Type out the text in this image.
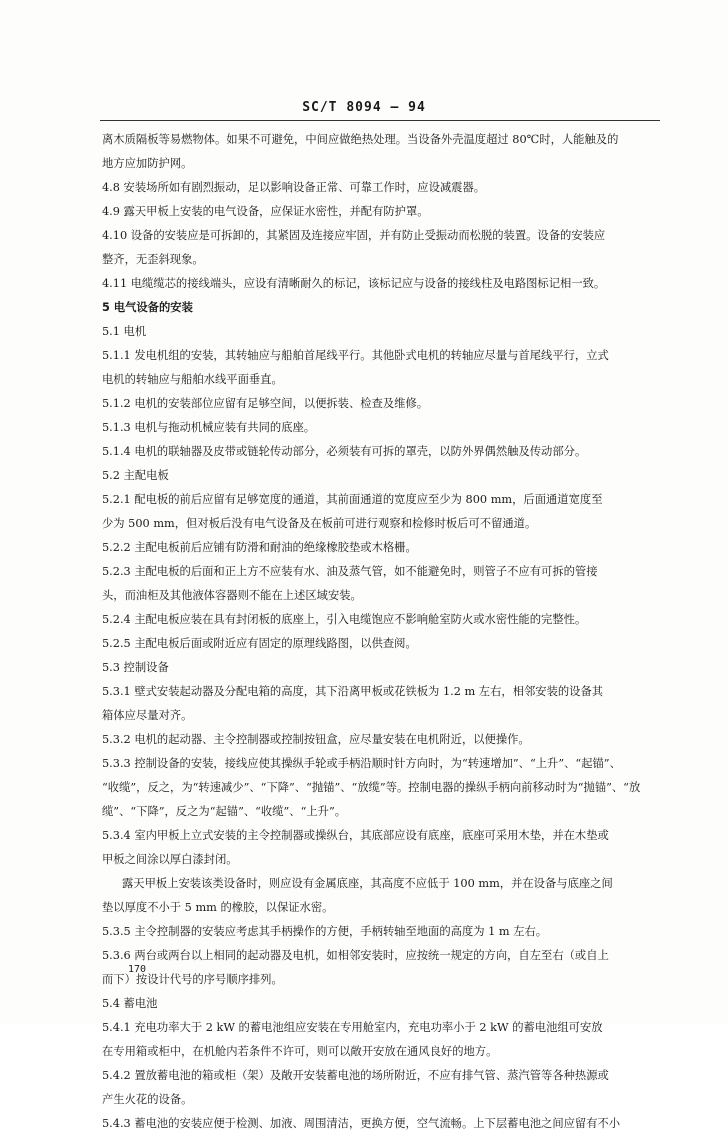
SC/T 8094 — 94
离木质隔板等易燃物体。如果不可避免，中间应做绝热处理。当设备外壳温度超过 80℃时，人能触及的
地方应加防护网。
4.8 安装场所如有剧烈振动，足以影响设备正常、可靠工作时，应设减震器。
4.9 露天甲板上安装的电气设备，应保证水密性，并配有防护罩。
4.10 设备的安装应是可拆卸的，其紧固及连接应牢固，并有防止受振动而松脱的装置。设备的安装应
整齐，无歪斜现象。
4.11 电缆缆芯的接线端头，应设有清晰耐久的标记，该标记应与设备的接线柱及电路图标记相一致。
5 电气设备的安装
5.1 电机
5.1.1 发电机组的安装，其转轴应与船舶首尾线平行。其他卧式电机的转轴应尽量与首尾线平行，立式
电机的转轴应与船舶水线平面垂直。
5.1.2 电机的安装部位应留有足够空间，以便拆装、检查及维修。
5.1.3 电机与拖动机械应装有共同的底座。
5.1.4 电机的联轴器及皮带或链轮传动部分，必须装有可拆的罩壳，以防外界偶然触及传动部分。
5.2 主配电板
5.2.1 配电板的前后应留有足够宽度的通道，其前面通道的宽度应至少为 800 mm，后面通道宽度至
少为 500 mm，但对板后没有电气设备及在板前可进行观察和检修时板后可不留通道。
5.2.2 主配电板前后应铺有防滑和耐油的绝缘橡胶垫或木格栅。
5.2.3 主配电板的后面和正上方不应装有水、油及蒸气管，如不能避免时，则管子不应有可拆的管接
头，而油柜及其他液体容器则不能在上述区域安装。
5.2.4 主配电板应装在具有封闭板的底座上，引入电缆饱应不影响舱室防火或水密性能的完整性。
5.2.5 主配电板后面或附近应有固定的原理线路图，以供查阅。
5.3 控制设备
5.3.1 壁式安装起动器及分配电箱的高度，其下沿离甲板或花铁板为 1.2 m 左右，相邻安装的设备其
箱体应尽量对齐。
5.3.2 电机的起动器、主令控制器或控制按钮盒，应尽量安装在电机附近，以便操作。
5.3.3 控制设备的安装，接线应使其操纵手轮或手柄沿顺时针方向时，为“转速增加”、“上升”、“起锚”、
“收缆”，反之，为“转速减少”、“下降”、“抛锚”、“放缆”等。控制电器的操纵手柄向前移动时为“抛锚”、“放
缆”、“下降”，反之为“起锚”、“收缆”、“上升”。
5.3.4 室内甲板上立式安装的主令控制器或操纵台，其底部应设有底座，底座可采用木垫，并在木垫或
甲板之间涂以厚白漆封闭。
露天甲板上安装该类设备时，则应设有金属底座，其高度不应低于 100 mm，并在设备与底座之间
垫以厚度不小于 5 mm 的橡胶，以保证水密。
5.3.5 主令控制器的安装应考虑其手柄操作的方便，手柄转轴至地面的高度为 1 m 左右。
5.3.6 两台或两台以上相同的起动器及电机，如相邻安装时，应按统一规定的方向，自左至右（或自上
而下）按设计代号的序号顺序排列。
5.4 蓄电池
5.4.1 充电功率大于 2 kW 的蓄电池组应安装在专用舱室内，充电功率小于 2 kW 的蓄电池组可安放
在专用箱或柜中，在机舱内若条件不许可，则可以敞开安放在通风良好的地方。
5.4.2 置放蓄电池的箱或柜（架）及敞开安装蓄电池的场所附近，不应有排气管、蒸汽管等各种热源或
产生火花的设备。
5.4.3 蓄电池的安装应便于检测、加液、周围清洁，更换方便，空气流畅。上下层蓄电池之间应留有不小
170
